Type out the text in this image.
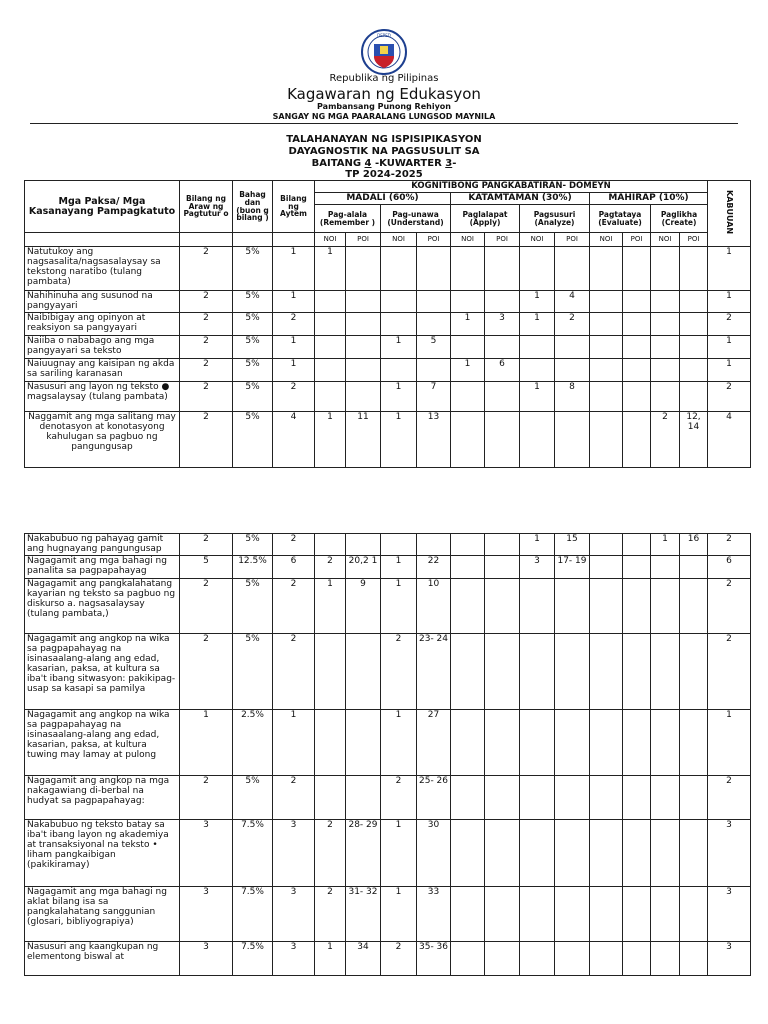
DEPED
Republika ng Pilipinas
Kagawaran ng Edukasyon
Pambansang Punong Rehiyon
SANGAY NG MGA PAARALANG LUNGSOD MAYNILA
TALAHANAYAN NG ISPISIPIKASYON
DAYAGNOSTIK NA PAGSUSULIT SA
BAITANG 4 -KUWARTER 3-
TP 2024-2025
Mga Paksa/ Mga Kasanayang Pampagkatuto	Bilang ng Araw ng Pagtutur o	Bahag dan (buon g bilang )	Bilang ng Aytem	KOGNITIBONG PANGKABATIRAN- DOMEYN												KABUUAN
				MADALI (60%)				KATAMTAMAN (30%)				MAHIRAP (10%)				
				Pag-alala (Remember )		Pag-unawa (Understand)		Paglalapat (Apply)		Pagsusuri (Analyze)		Pagtataya (Evaluate)		Paglikha (Create)		
				NOI	POI	NOI	POI	NOI	POI	NOI	POI	NOI	POI	NOI	POI	
Natutukoy ang nagsasalita/nagsasalaysay sa tekstong naratibo (tulang pambata)	2	5%	1	1												1
Nahihinuha ang susunod na pangyayari	2	5%	1							1	4					1
Naibibigay ang opinyon at reaksiyon sa pangyayari	2	5%	2					1	3	1	2					2
Naiiba o nababago ang mga pangyayari sa teksto	2	5%	1			1	5									1
Naiuugnay ang kaisipan ng akda sa sariling karanasan	2	5%	1					1	6							1
Nasusuri ang layon ng teksto ● magsalaysay (tulang pambata)	2	5%	2			1	7			1	8					2
Naggamit ang mga salitang may denotasyon at konotasyong kahulugan sa pagbuo ng pangungusap	2	5%	4	1	11	1	13							2	12, 14	4
Nakabubuo ng pahayag gamit ang hugnayang pangungusap	2	5%	2							1	15			1	16	2
Nagagamit ang mga bahagi ng panalita sa pagpapahayag	5	12.5%	6	2	20,2 1	1	22			3	17- 19					6
Nagagamit ang pangkalahatang kayarian ng teksto sa pagbuo ng diskurso a. nagsasalaysay (tulang pambata,)	2	5%	2	1	9	1	10									2
Nagagamit ang angkop na wika sa pagpapahayag na isinasaalang-alang ang edad, kasarian, paksa, at kultura sa iba't ibang sitwasyon: pakikipag-usap sa kasapi sa pamilya	2	5%	2			2	23- 24									2
Nagagamit ang angkop na wika sa pagpapahayag na isinasaalang-alang ang edad, kasarian, paksa, at kultura tuwing may lamay at pulong	1	2.5%	1			1	27									1
Nagagamit ang angkop na mga nakagawiang di-berbal na hudyat sa pagpapahayag:	2	5%	2			2	25- 26									2
Nakabubuo ng teksto batay sa iba't ibang layon ng akademiya at transaksiyonal na teksto • liham pangkaibigan (pakikiramay)	3	7.5%	3	2	28- 29	1	30									3
Nagagamit ang mga bahagi ng aklat bilang isa sa pangkalahatang sanggunian (glosari, bibliyograpiya)	3	7.5%	3	2	31- 32	1	33									3
Nasusuri ang kaangkupan ng elementong biswal at	3	7.5%	3	1	34	2	35- 36									3
